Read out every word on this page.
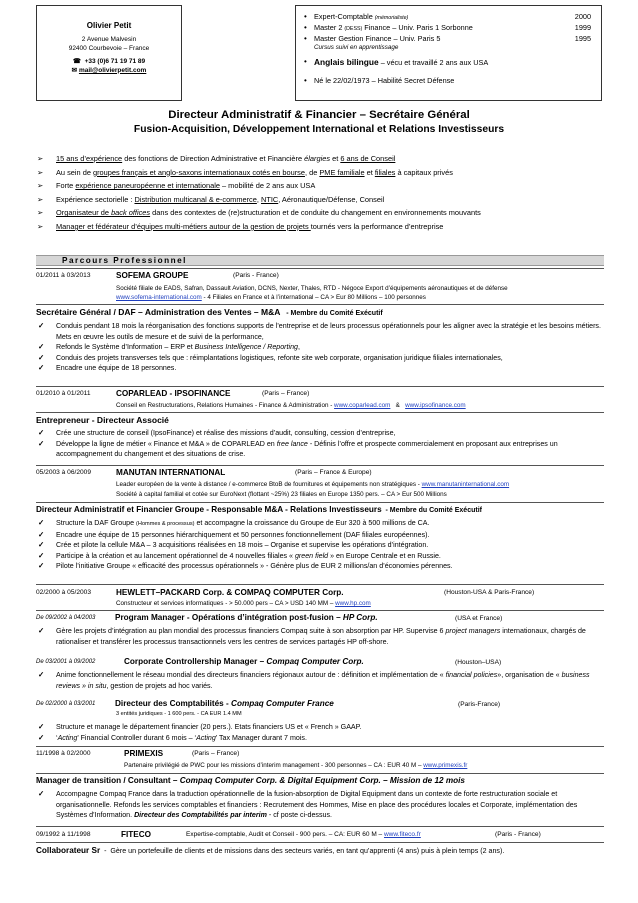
Olivier Petit
2 Avenue Malvesin
92400 Courbevoie – France
☎ +33 (0)6 71 19 71 89
✉ mail@olivierpetit.com
• Expert-Comptable (mémorialiste)	2000
• Master 2 (DESS) Finance – Univ. Paris 1 Sorbonne	1999
• Master Gestion Finance – Univ. Paris 5	1995
Cursus suivi en apprentissage
• Anglais bilingue – vécu et travaillé 2 ans aux USA
• Né le 22/02/1973 – Habilité Secret Défense
Directeur Administratif & Financier – Secrétaire Général
Fusion-Acquisition, Développement International et Relations Investisseurs
➢ 15 ans d’expérience des fonctions de Direction Administrative et Financière élargies et 6 ans de Conseil
➢ Au sein de groupes français et anglo-saxons internationaux cotés en bourse, de PME familiale et filiales à capitaux privés
➢ Forte expérience paneuropéenne et internationale – mobilité de 2 ans aux USA
➢ Expérience sectorielle : Distribution multicanal & e-commerce, NTIC, Aéronautique/Défense, Conseil
➢ Organisateur de back offices dans des contextes de (re)structuration et de conduite du changement en environnements mouvants
➢ Manager et fédérateur d’équipes multi-métiers autour de la gestion de projets tournés vers la performance d’entreprise
Parcours Professionnel
01/2011 à 03/2013	SOFEMA GROUPE	(Paris - France)
Société filiale de EADS, Safran, Dassault Aviation, DCNS, Nexter, Thales, RTD - Négoce Export d’équipements aéronautiques et de défense
www.sofema-international.com - 4 Filiales en France et à l’international – CA > Eur 80 Millions – 100 personnes
Secrétaire Général / DAF – Administration des Ventes – M&A - Membre du Comité Exécutif
✓ Conduis pendant 18 mois la réorganisation des fonctions supports de l’entreprise et de leurs processus opérationnels pour les aligner avec la stratégie et les besoins métiers. Mets en œuvre les outils de mesure et de suivi de la performance,
✓ Refonds le Système d’Information – ERP et Business Intelligence / Reporting,
✓ Conduis des projets transverses tels que : réimplantations logistiques, refonte site web corporate, organisation juridique filiales internationales,
✓ Encadre une équipe de 18 personnes.
01/2010 à 01/2011	COPARLEAD - IPSOFINANCE	(Paris – France)
Conseil en Restructurations, Relations Humaines - Finance & Administration - www.coparlead.com   &   www.ipsofinance.com
Entrepreneur - Directeur Associé
✓ Crée une structure de conseil (IpsoFinance) et réalise des missions d’audit, consulting, cession d’entreprise,
✓ Développe la ligne de métier « Finance et M&A » de COPARLEAD en free lance - Définis l’offre et prospecte commercialement en proposant aux entreprises un accompagnement du changement et des situations de crise.
05/2003 à 06/2009	MANUTAN INTERNATIONAL	(Paris – France & Europe)
Leader européen de la vente à distance / e-commerce BtoB de fournitures et équipements non stratégiques - www.manutaninternational.com
Société à capital familial et cotée sur EuroNext (flottant ~25%) 23 filiales en Europe 1350 pers. – CA > Eur 500 Millions
Directeur Administratif et Financier Groupe - Responsable M&A - Relations Investisseurs - Membre du Comité Exécutif
✓ Structure la DAF Groupe (Hommes & processus) et accompagne la croissance du Groupe de Eur 320 à 500 millions de CA.
✓ Encadre une équipe de 15 personnes hiérarchiquement et 50 personnes fonctionnellement (DAF filiales européennes).
✓ Crée et pilote la cellule M&A – 3 acquisitions réalisées en 18 mois – Organise et supervise les opérations d’intégration.
✓ Participe à la création et au lancement opérationnel de 4 nouvelles filiales « green field » en Europe Centrale et en Russie.
✓ Pilote l’initiative Groupe « efficacité des processus opérationnels » - Génère plus de EUR 2 millions/an d’économies pérennes.
02/2000 à 05/2003	HEWLETT–PACKARD Corp. & COMPAQ COMPUTER Corp.	(Houston-USA & Paris-France)
Constructeur et services informatiques - > 50.000 pers – CA > USD 140 MM – www.hp.com
De 09/2002 à 04/2003 Program Manager - Opérations d’intégration post-fusion – HP Corp.	(USA et France)
✓ Gère les projets d’intégration au plan mondial des processus financiers Compaq suite à son absorption par HP. Supervise 6 project managers internationaux, chargés de rationaliser et transférer les processus transactionnels vers les centres de services partagés HP off-shore.
De 03/2001 à 09/2002	Corporate Controllership Manager – Compaq Computer Corp.	(Houston–USA)
✓ Anime fonctionnellement le réseau mondial des directeurs financiers régionaux autour de : définition et implémentation de « financial policies», organisation de « business reviews » in situ, gestion de projets ad hoc variés.
De 02/2000 à 03/2001 Directeur des Comptabilités - Compaq Computer France	(Paris-France)
3 entités juridiques - 1 600 pers. - CA EUR 1.4 MM
✓ Structure et manage le département financier (20 pers.). Etats financiers US et « French » GAAP.
✓ ‘Acting’ Financial Controller durant 6 mois – ‘Acting’ Tax Manager durant 7 mois.
11/1998 à 02/2000	PRIMEXIS	(Paris – France)
Partenaire privilégié de PWC pour les missions d’interim management - 300 personnes – CA : EUR 40 M – www.primexis.fr
Manager de transition / Consultant – Compaq Computer Corp. & Digital Equipment Corp. – Mission de 12 mois
✓ Accompagne Compaq France dans la traduction opérationnelle de la fusion-absorption de Digital Equipment dans un contexte de forte restructuration sociale et organisationnelle. Refonds les services comptables et financiers : Recrutement des Hommes, Mise en place des procédures locales et Corporate, implémentation des Systèmes d’Information. Directeur des Comptabilités par interim - cf poste ci-dessus.
09/1992 à 11/1998	FITECO	Expertise-comptable, Audit et Conseil - 900 pers. – CA: EUR 60 M – www.fiteco.fr	(Paris - France)
Collaborateur Sr  -  Gère un portefeuille de clients et de missions dans des secteurs variés, en tant qu’apprenti (4 ans) puis à plein temps (2 ans).
